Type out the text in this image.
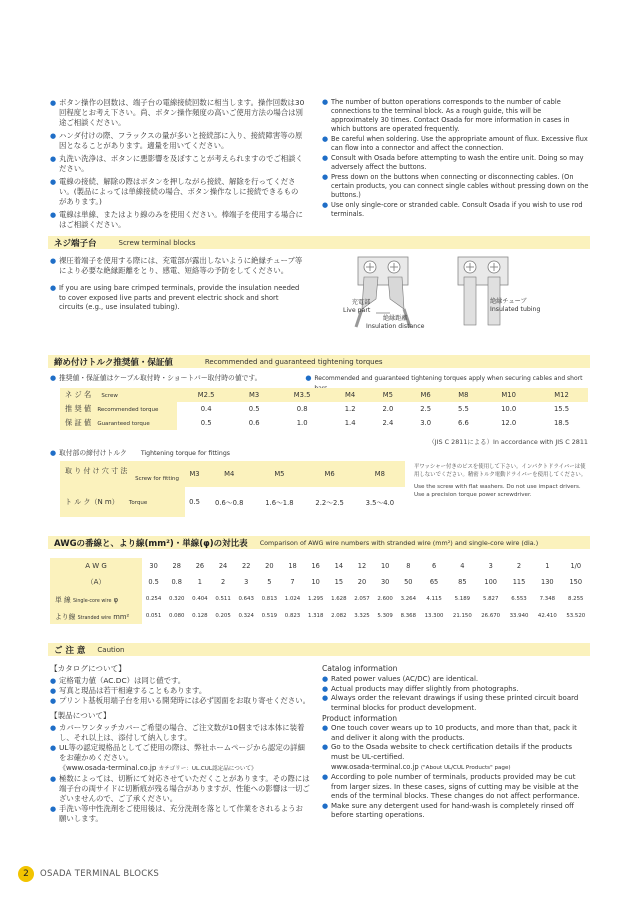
● ボタン操作の回数は、端子台の電線接続回数に相当します。操作回数は30回程度とお考え下さい。尚、ボタン操作頻度の高いご使用方法の場合は別途ご相談ください。
● ハンダ付けの際、フラックスの量が多いと接続部に入り、接続障害等の原因となることがあります。適量を用いてください。
● 丸洗い洗浄は、ボタンに悪影響を及ぼすことが考えられますのでご相談ください。
● 電線の接続、解除の際はボタンを押しながら接続、解除を行ってください。(製品によっては単線接続の場合、ボタン操作なしに接続できるものがあります。)
● 電線は単線、またはより線のみを使用ください。棒端子を使用する場合にはご相談ください。
● The number of button operations corresponds to the number of cable connections to the terminal block. As a rough guide, this will be approximately 30 times. Contact Osada for more information in cases in which buttons are operated frequently.
● Be careful when soldering. Use the appropriate amount of flux. Excessive flux can flow into a connector and affect the connection.
● Consult with Osada before attempting to wash the entire unit. Doing so may adversely affect the buttons.
● Press down on the buttons when connecting or disconnecting cables. (On certain products, you can connect single cables without pressing down on the buttons.)
● Use only single-core or stranded cable. Consult Osada if you wish to use rod terminals.
ネジ端子台	Screw terminal blocks
● 裸圧着端子を使用する際には、充電部が露出しないように絶縁チューブ等により必要な絶縁距離をとり、感電、短絡等の予防をしてください。
● If you are using bare crimped terminals, provide the insulation needed to cover exposed live parts and prevent electric shock and short circuits (e.g., use insulated tubing).
充電部
Live part
絶縁距離
Insulation distance
絶縁チューブ
Insulated tubing
締め付けトルク推奨値・保証値	Recommended and guaranteed tightening torques
● 推奨値・保証値はケーブル取付時・ショートバー取付時の値です。	● Recommended and guaranteed tightening torques apply when securing cables and short
ネ ジ 名 Screw	M2.5	M3	M3.5	M4	M5	M6	M8	M10	M12
推 奨 値 Recommended torque	0.4	0.5	0.8	1.2	2.0	2.5	5.5	10.0	15.5
保 証 値 Guaranteed torque	0.5	0.6	1.0	1.4	2.4	3.0	6.6	12.0	18.5
（JIS C 2811による）In accordance with JIS C 2811
● 取付部の締付けトルク Tightening torque for fittings
取 り 付 け 穴 寸 法
Screw for fitting	M3	M4	M5	M6	M8
ト ル ク（N m） Torque	0.5	0.6〜0.8	1.6〜1.8	2.2〜2.5	3.5〜4.0
平ワッシャー付きのビスを使用して下さい。インパクトドライバーは使用しないでください。精密トルク電動ドライバーを使用してください。
Use the screw with flat washers. Do not use impact drivers. Use a precision torque power screwdriver.
AWGの番線と、より線(mm²)・単線(φ)の対比表 Comparison of AWG wire numbers with stranded wire (mm²) and single-core wire (dia.)
A W G	30	28	26	24	22	20	18	16	14	12	10	8	6	4	3	2	1	1/0
（A）	0.5	0.8	1	2	3	5	7	10	15	20	30	50	65	85	100	115	130	150
単 線 Single-core wire φ	0.254	0.320	0.404	0.511	0.643	0.813	1.024	1.295	1.628	2.057	2.600	3.264	4.115	5.189	5.827	6.553	7.348	8.255
より線 Stranded wire mm²	0.051	0.080	0.128	0.205	0.324	0.519	0.823	1.318	2.082	3.325	5.309	8.368	13.300	21.150	26.670	33.940	42.410	53.520
ご 注 意 Caution
【カタログについて】
● 定格電力値（AC.DC）は同じ値です。
● 写真と現品は若干相違することもあります。
● プリント基板用端子台を用いる開発時には必ず図面をお取り寄せください。
【製品について】
● カバーワンタッチカバーご希望の場合、ご注文数が10個までは本体に装着し、それ以上は、添付して納入します。
● UL等の認定規格品としてご使用の際は、弊社ホームページから認定の詳細をお確かめください。
《www.osada-terminal.co.jp カテゴリー：UL.CUL認定品について》
● 極数によっては、切断にて対応させていただくことがあります。その際には端子台の両サイドに切断痕が残る場合がありますが、性能への影響は一切ございませんので、ご了承ください。
● 手洗い等中性洗剤をご使用後は、充分洗剤を落として作業をされるようお願いします。
Catalog information
● Rated power values (AC/DC) are identical.
● Actual products may differ slightly from photographs.
● Always order the relevant drawings if using these printed circuit board terminal blocks for product development.
Product information
● One touch cover wears up to 10 products, and more than that, pack it and deliver it along with the products.
● Go to the Osada website to check certification details if the products must be UL-certified.
www.osada-terminal.co.jp ("About UL/CUL Products" page)
● According to pole number of terminals, products provided may be cut from larger sizes. In these cases, signs of cutting may be visible at the ends of the terminal blocks. These changes do not affect performance.
● Make sure any detergent used for hand-wash is completely rinsed off before starting operations.
2 OSADA TERMINAL BLOCKS
